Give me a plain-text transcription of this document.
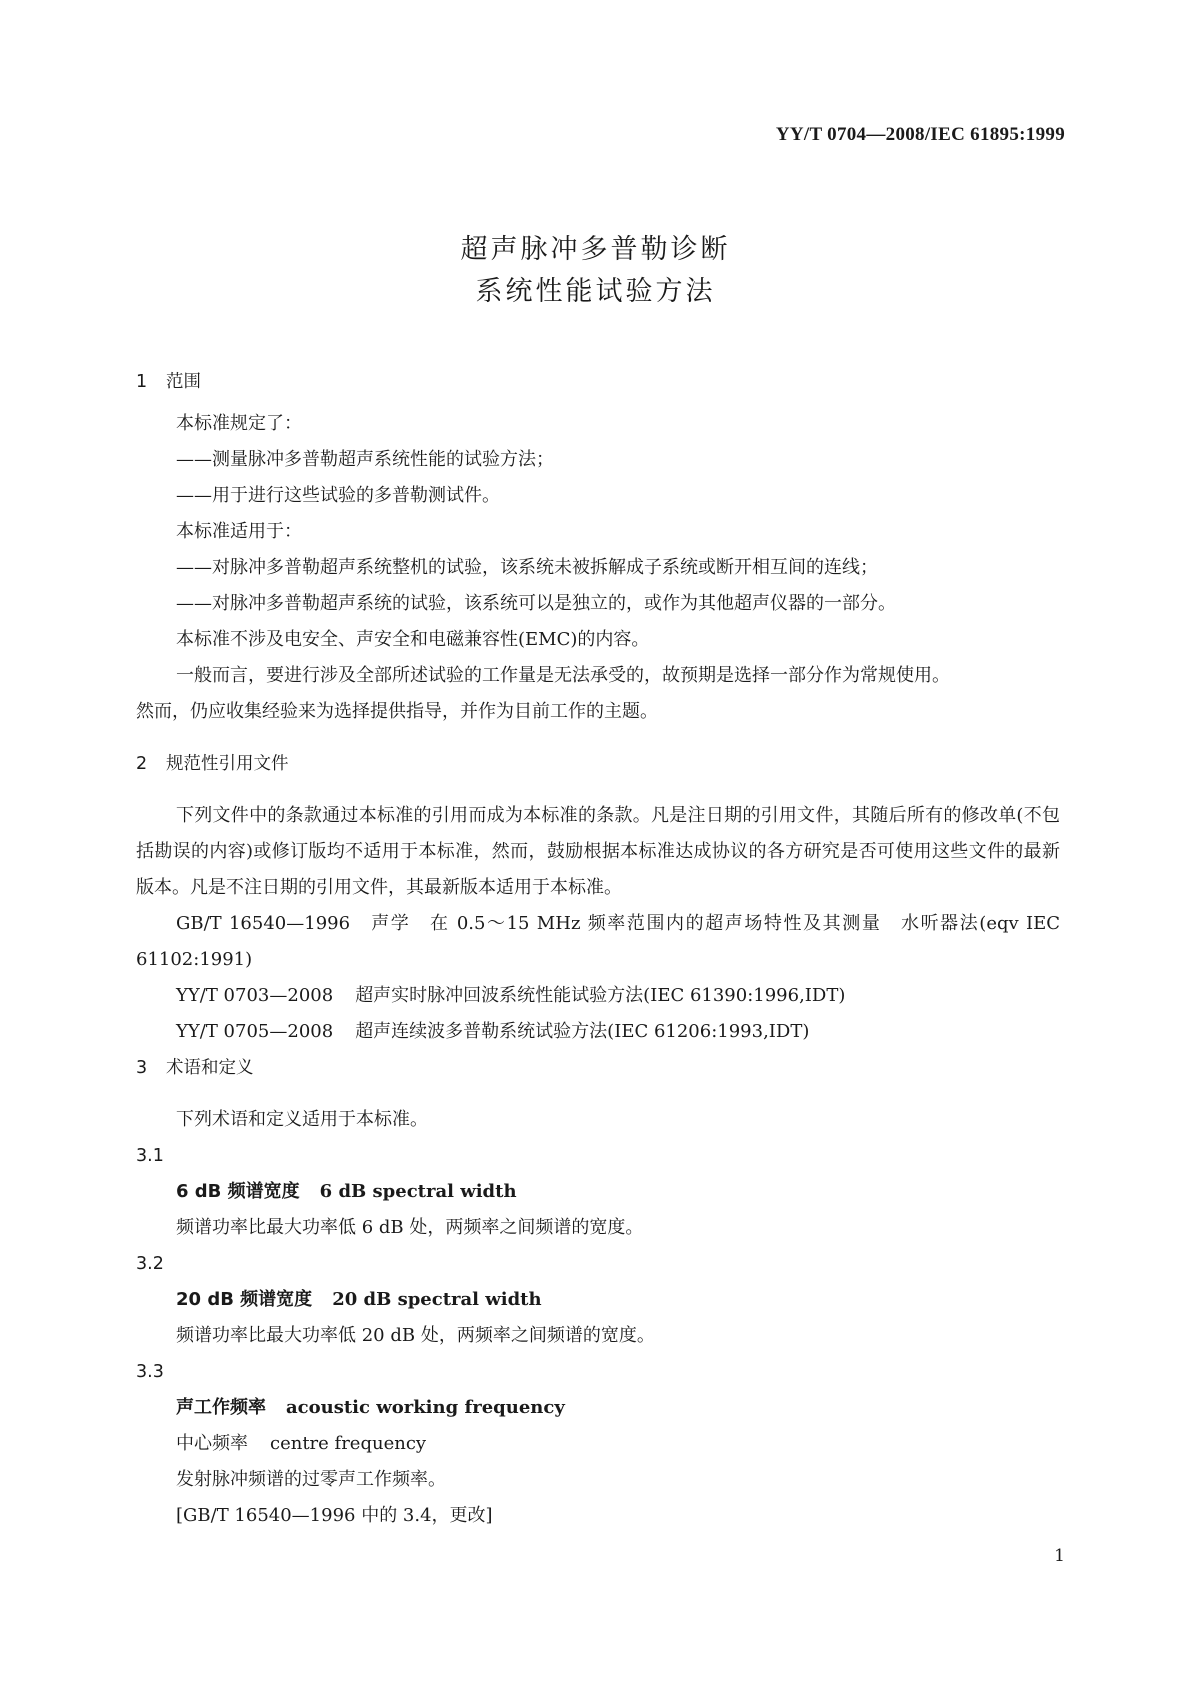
YY/T 0704—2008/IEC 61895:1999
超声脉冲多普勒诊断
系统性能试验方法
1 范围
本标准规定了：
——测量脉冲多普勒超声系统性能的试验方法；
——用于进行这些试验的多普勒测试件。
本标准适用于：
——对脉冲多普勒超声系统整机的试验，该系统未被拆解成子系统或断开相互间的连线；
——对脉冲多普勒超声系统的试验，该系统可以是独立的，或作为其他超声仪器的一部分。
本标准不涉及电安全、声安全和电磁兼容性(EMC)的内容。
一般而言，要进行涉及全部所述试验的工作量是无法承受的，故预期是选择一部分作为常规使用。
然而，仍应收集经验来为选择提供指导，并作为目前工作的主题。
2 规范性引用文件
下列文件中的条款通过本标准的引用而成为本标准的条款。凡是注日期的引用文件，其随后所有的修改单(不包括勘误的内容)或修订版均不适用于本标准，然而，鼓励根据本标准达成协议的各方研究是否可使用这些文件的最新版本。凡是不注日期的引用文件，其最新版本适用于本标准。
GB/T 16540—1996　声学　在 0.5～15 MHz 频率范围内的超声场特性及其测量　水听器法(eqv IEC 61102:1991)
YY/T 0703—2008 超声实时脉冲回波系统性能试验方法(IEC 61390:1996,IDT)
YY/T 0705—2008 超声连续波多普勒系统试验方法(IEC 61206:1993,IDT)
3 术语和定义
下列术语和定义适用于本标准。
3.1
6 dB 频谱宽度 6 dB spectral width
频谱功率比最大功率低 6 dB 处，两频率之间频谱的宽度。
3.2
20 dB 频谱宽度 20 dB spectral width
频谱功率比最大功率低 20 dB 处，两频率之间频谱的宽度。
3.3
声工作频率 acoustic working frequency
中心频率 centre frequency
发射脉冲频谱的过零声工作频率。
[GB/T 16540—1996 中的 3.4，更改]
1
